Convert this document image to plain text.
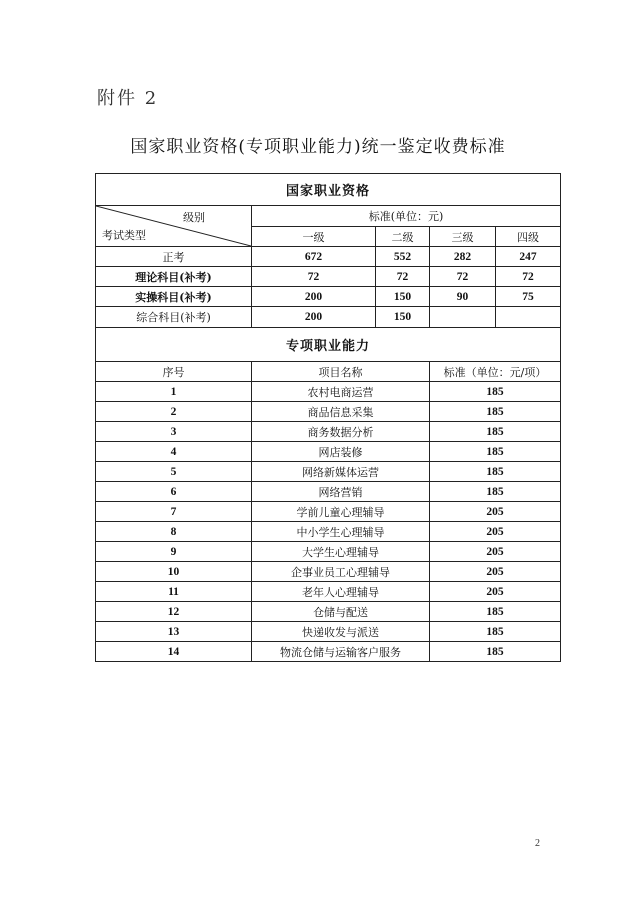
附件 2
国家职业资格(专项职业能力)统一鉴定收费标准
国家职业资格				

级别
考试类型	标准(单位：元)			
	一级	二级	三级	四级
正考	672	552	282	247
理论科目(补考)	72	72	72	72
实操科目(补考)	200	150	90	75
综合科目(补考)	200	150		
专项职业能力				
序号	项目名称		标准（单位：元/项）	
1	农村电商运营		185	
2	商品信息采集		185	
3	商务数据分析		185	
4	网店装修		185	
5	网络新媒体运营		185	
6	网络营销		185	
7	学前儿童心理辅导		205	
8	中小学生心理辅导		205	
9	大学生心理辅导		205	
10	企事业员工心理辅导		205	
11	老年人心理辅导		205	
12	仓储与配送		185	
13	快递收发与派送		185	
14	物流仓储与运输客户服务		185	
2
